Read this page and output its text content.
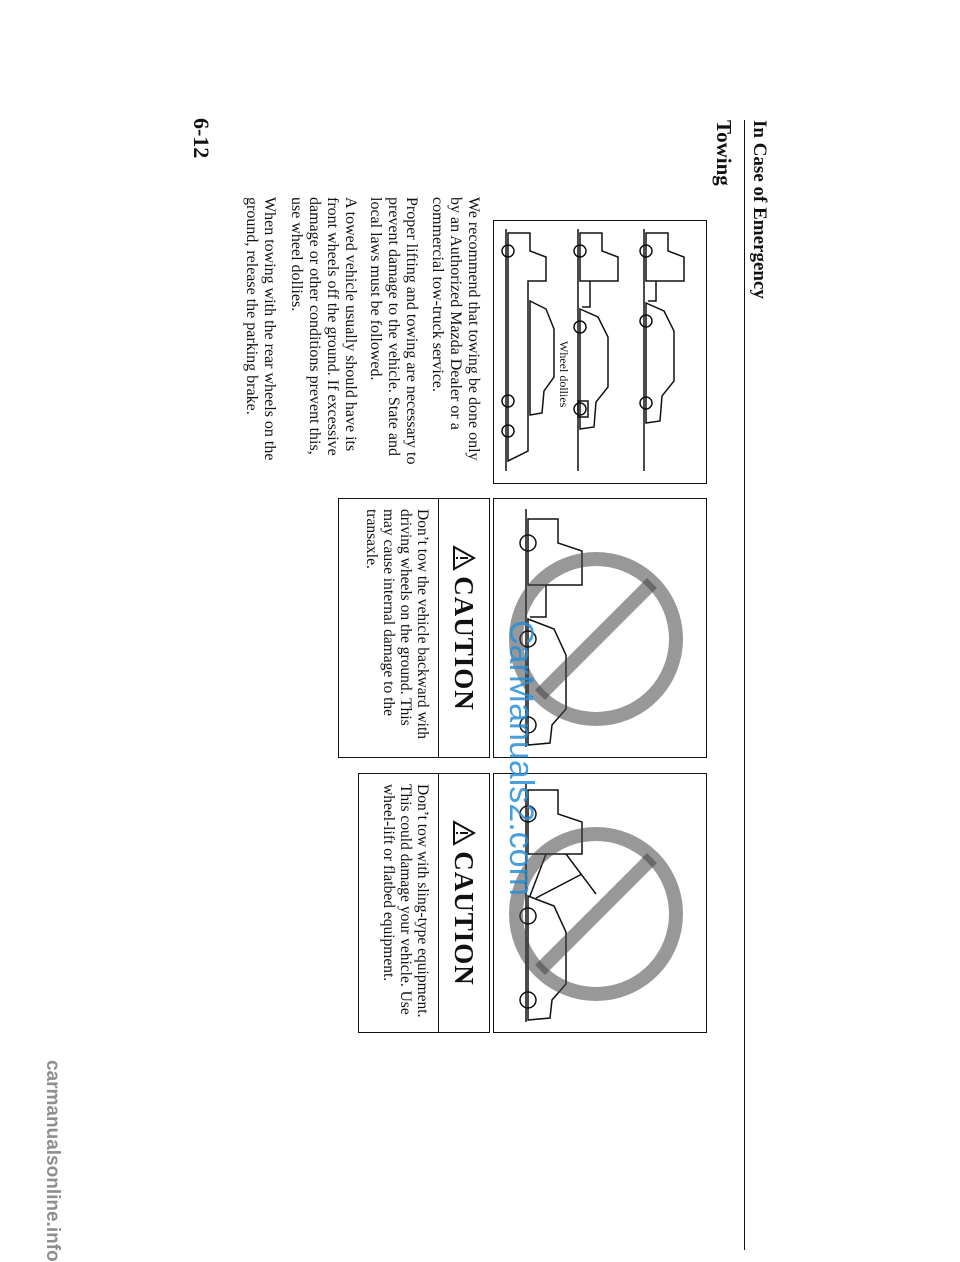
In Case of Emergency
Towing
Wheel dollies
CAUTION

Don’t tow the vehicle backward with driving wheels on the ground. This may cause internal damage to the transaxle.

CAUTION

Don’t tow with sling-type equipment. This could damage your vehicle. Use wheel-lift or flatbed equipment.

We recommend that towing be done only by an Authorized Mazda Dealer or a commercial tow-truck service.

Proper lifting and towing are necessary to prevent damage to the vehicle. State and local laws must be followed.

A towed vehicle usually should have its front wheels off the ground. If excessive damage or other conditions prevent this, use wheel dollies.

When towing with the rear wheels on the ground, release the parking brake.

6-12
CarManuals2.com
carmanualsonline.info
